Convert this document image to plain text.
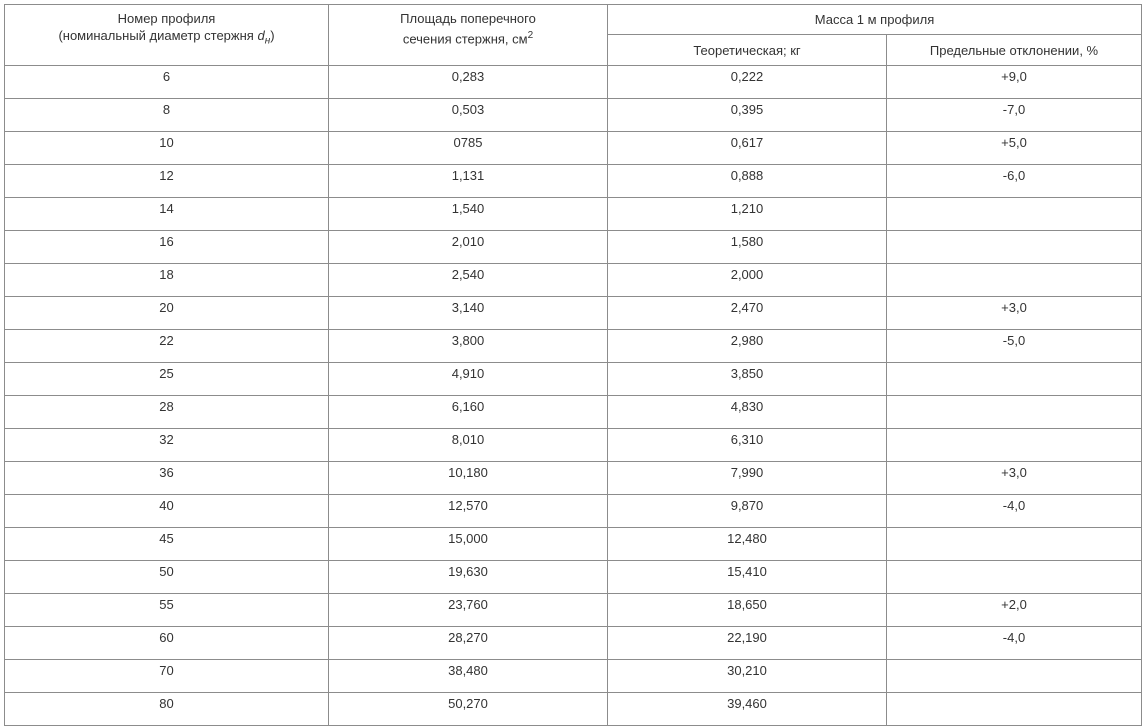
Номер профиля
(номинальный диаметр стержня $d_н$)	Площадь поперечного
сечения стержня, $см^2$	Масса 1 м профиля	
		Теоретическая; кг	Предельные отклонении, %
6	0,283	0,222	+9,0
8	0,503	0,395	-7,0
10	0785	0,617	+5,0
12	1,131	0,888	-6,0
14	1,540	1,210	
16	2,010	1,580	
18	2,540	2,000	
20	3,140	2,470	+3,0
22	3,800	2,980	-5,0
25	4,910	3,850	
28	6,160	4,830	
32	8,010	6,310	
36	10,180	7,990	+3,0
40	12,570	9,870	-4,0
45	15,000	12,480	
50	19,630	15,410	
55	23,760	18,650	+2,0
60	28,270	22,190	-4,0
70	38,480	30,210	
80	50,270	39,460	
